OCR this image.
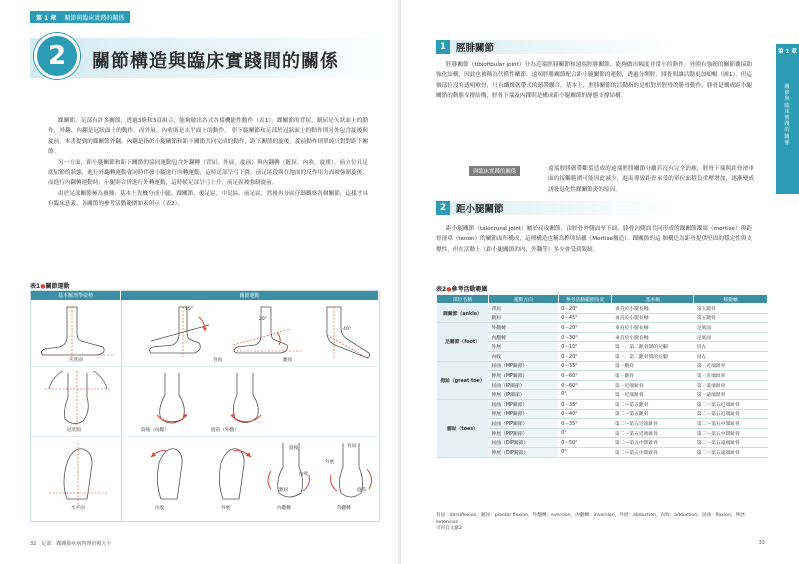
第 1 章 關節與臨床實踐的關係
2	關節構造與臨床實踐間的關係

踝關節，足部有許多關節，透過3條和3頁組合，能夠做出各式各樣機能性動作（表1）。踝關節的背屈、蹠屈是矢狀面上的動作，外翻、內翻是冠狀面上的動作，而外展、內收則是水平面上的動作。 彰下腿關節和足部於冠狀面上的動作則另外包含旋後與旋前。本書提到的踝關節外翻，內翻是指彰小腿關節和距下關節共同完成的動作，距下關節的旋後，旋前動作則單純只對對距下關節。

另一方面，距小腿關節和距下關節的協同運動包含外翻轉（背屈、外展、旋前）與內翻轉（蹠屈、內收、旋後）。前立位且足底屈節的狀態，進行外翻轉運動會同時伴發小腿進行內轉運動，這時足部呈弓下降，前足區段與在地面的反作用力而被強制旋後，而進行內翻轉運動時，小腿則合併進行外轉運動，這時候足部呈弓上升，前足區被強制旋前。

由於足部關節極為複雜，基本上先概分成小腿、踝關節、後足區、中足區、前足區，然後再分區仔細觀察各個關節，這樣才具有臨床意義。各關節的參考活動範圍如表所示（表2）。

表1●關節運動
基本解剖學姿勢	關節運動
矢狀面
15°
20°
40°
背屈	蹠屈
冠狀面	旋後（內翻）	旋前（外翻）
水平面	內收	外展
旋後
內收
蹠屈
背屈
外展
旋前
內翻轉	外翻轉
32　足部　踝關節疾病物理治療大全
第 1 章
關節與臨床實踐的關係
1	脛腓關節
脛腓關節（tibiofibular joint）分為近端脛腓關節和遠端脛腓關節，能夠做出幅度非常小的動作，外圍有強韌的關節囊協助強化結構，因此也被稱為代償性關節。遠端脛腓關節配合距小腿關節的運動，透過分開脛、腓骨間讓活動更加順暢（圖1），但這個部位沒有透明軟骨，只有纖維韌帶式的韌帶聯合。基本上，脛腓關節的活動指的是相對於脛骨的腓骨動作，腓骨是構成距小腿關節的動態支撐結構，脛骨下端及內踝則是構成距小腿關節的靜態支撐結構。
與臨床實踐的關係	遠端脛腓韌帶斷裂造成的遠端脛腓關節分離若沒有完全治癒，脛骨下端與距骨滑車面的接觸範圍可能因此減少，進而導致距骨承受的單位面積負重壓增加，逐漸變成誘發退化性踝關節炎的原因。
2	距小腿關節
距小腿關節（talocrural joint）屬於屈戌關節，由脛骨外側面至下面，腓骨內側面共同形成的踝關節踝窩（mortise）與距骨滑車（tenon）的關節面所構成，這種構造也稱為榫卯結構（Mortise構造）。踝關節的這 個構造為距骨提供堅固的穩定性與支撐性，但在活動上（距小腿關節的內、外翻等）多少會受到限制。
表2●參考活動範圍
部位名稱	運動方向	參考活動範圍角度	基本軸	移動軸
踝關節（ankle）	背屈	0～20°	垂直於小腿長軸	第五蹠骨
	蹠屈	0～45°	垂直於小腿長軸	第五蹠骨
足關節（foot）	外翻轉	0～20°	垂直於小腿長軸	足底面
	內翻轉	0～30°	垂直於小腿長軸	足底面
	外展	0～10°	第一、第二蹠骨間的兒腳	同左
	內收	0～20°	第一、第二蹠骨間的兒腳	同左
拇趾（great toe）	屈曲（MP關節）	0～35°	第一蹠骨	第一近端趾骨
	伸展（MP關節）	0～60°	第一蹠骨	第一近端趾骨
	屈曲（IP關節）	0～60°	第一近端趾骨	第一遠端趾骨
	伸展（IP關節）	0°	第一近端趾骨	第一遠端趾骨
腳趾（toes）	屈曲（MP關節）	0～35°	第二～第五蹠骨	第二～第五近端趾骨
	伸展（MP關節）	0～40°	第二～第五蹠骨	第二～第五近端趾骨
	屈曲（PIP關節）	0～35°	第二～第五近端趾骨	第二～第五中間趾骨
	伸展（PIP關節）	0°	第二～第五近端趾骨	第二～第五中間趾骨
	屈曲（DIP關節）	0～50°	第二～第五中間趾骨	第二～第五遠端趾骨
	伸展（DIP關節）	0°	第二～第五中間趾骨	第二～第五遠端趾骨
背屈：dorsiflexion，蹠屈：plantar flexion，外翻轉：eversion，內翻轉：inversion，外展：abduction，內收：adduction，屈曲：flexion，伸展：extension
引用自文獻2
33
